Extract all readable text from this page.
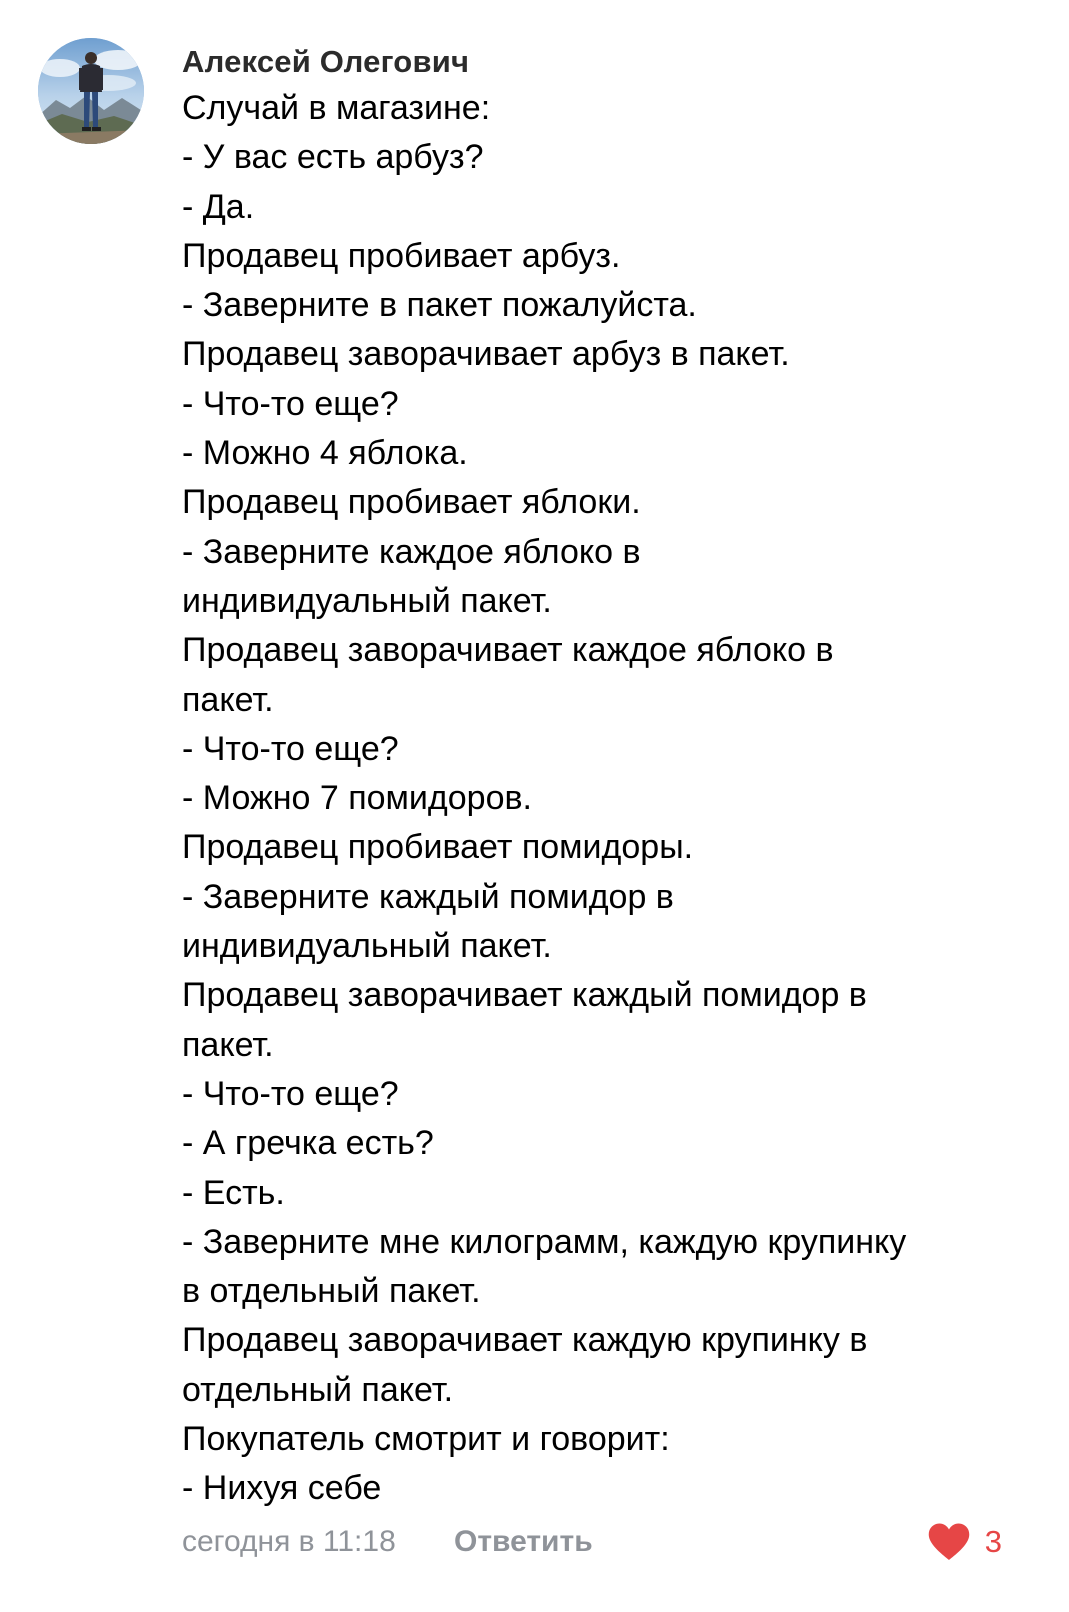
Алексей Олегович
Случай в магазине:
- У вас есть арбуз?
- Да.
Продавец пробивает арбуз.
- Заверните в пакет пожалуйста.
Продавец заворачивает арбуз в пакет.
- Что-то еще?
- Можно 4 яблока.
Продавец пробивает яблоки.
- Заверните каждое яблоко в
индивидуальный пакет.
Продавец заворачивает каждое яблоко в
пакет.
- Что-то еще?
- Можно 7 помидоров.
Продавец пробивает помидоры.
- Заверните каждый помидор в
индивидуальный пакет.
Продавец заворачивает каждый помидор в
пакет.
- Что-то еще?
- А гречка есть?
- Есть.
- Заверните мне килограмм, каждую крупинку
в отдельный пакет.
Продавец заворачивает каждую крупинку в
отдельный пакет.
Покупатель смотрит и говорит:
- Нихуя себе
сегодня в 11:18 Ответить	3
